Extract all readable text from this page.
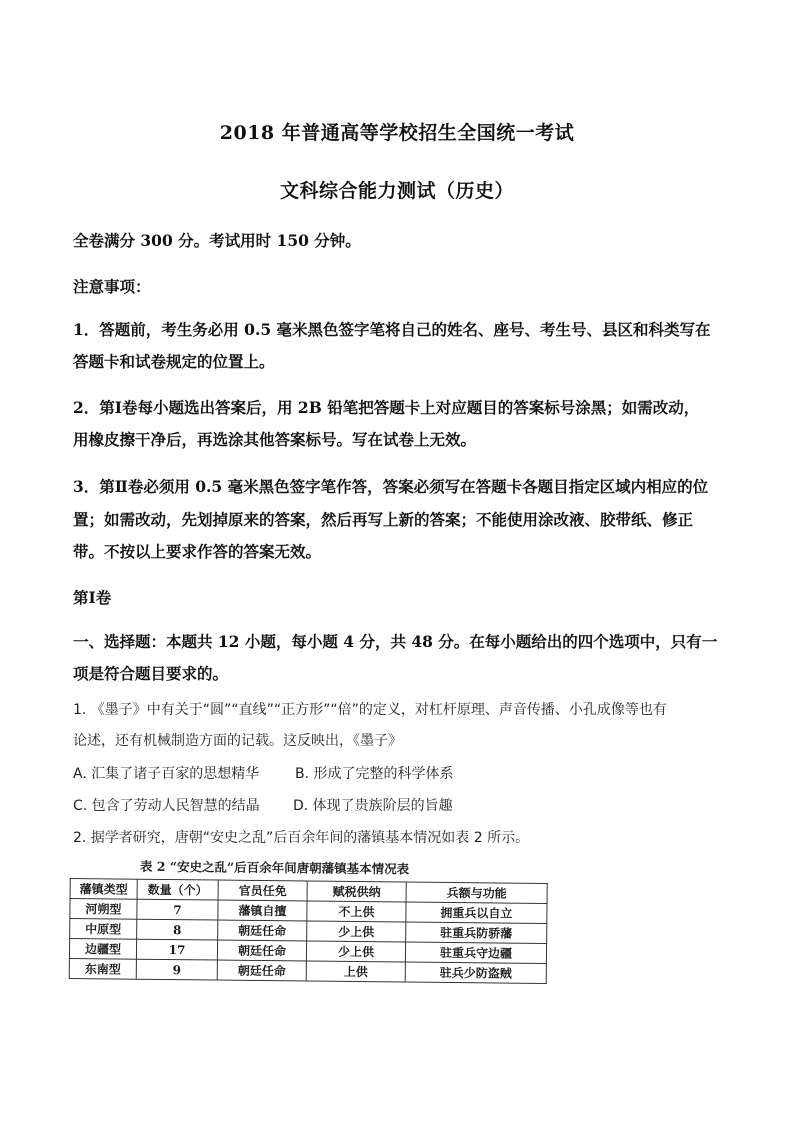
2018 年普通高等学校招生全国统一考试
文科综合能力测试（历史）
全卷满分 300 分。考试用时 150 分钟。
注意事项：
1．答题前，考生务必用 0.5 毫米黑色签字笔将自己的姓名、座号、考生号、县区和科类写在
答题卡和试卷规定的位置上。
2．第Ⅰ卷每小题选出答案后，用 2B 铅笔把答题卡上对应题目的答案标号涂黑；如需改动，
用橡皮擦干净后，再选涂其他答案标号。写在试卷上无效。
3．第Ⅱ卷必须用 0.5 毫米黑色签字笔作答，答案必须写在答题卡各题目指定区域内相应的位
置；如需改动，先划掉原来的答案，然后再写上新的答案；不能使用涂改液、胶带纸、修正
带。不按以上要求作答的答案无效。
第Ⅰ卷
一、选择题：本题共 12 小题，每小题 4 分，共 48 分。在每小题给出的四个选项中，只有一
项是符合题目要求的。
1. 《墨子》中有关于“圆”“直线”“正方形”“倍”的定义，对杠杆原理、声音传播、小孔成像等也有
论述，还有机械制造方面的记载。这反映出，《墨子》
A. 汇集了诸子百家的思想精华	B. 形成了完整的科学体系
C. 包含了劳动人民智慧的结晶 D. 体现了贵族阶层的旨趣
2. 据学者研究，唐朝“安史之乱”后百余年间的藩镇基本情况如表 2 所示。
表 2 “安史之乱”后百余年间唐朝藩镇基本情况表
藩镇类型	数量（个）	官员任免	赋税供纳	兵额与功能
河朔型	7	藩镇自擅	不上供	拥重兵以自立
中原型	8	朝廷任命	少上供	驻重兵防骄藩
边疆型	17	朝廷任命	少上供	驻重兵守边疆
东南型	9	朝廷任命	上供	驻兵少防盗贼
